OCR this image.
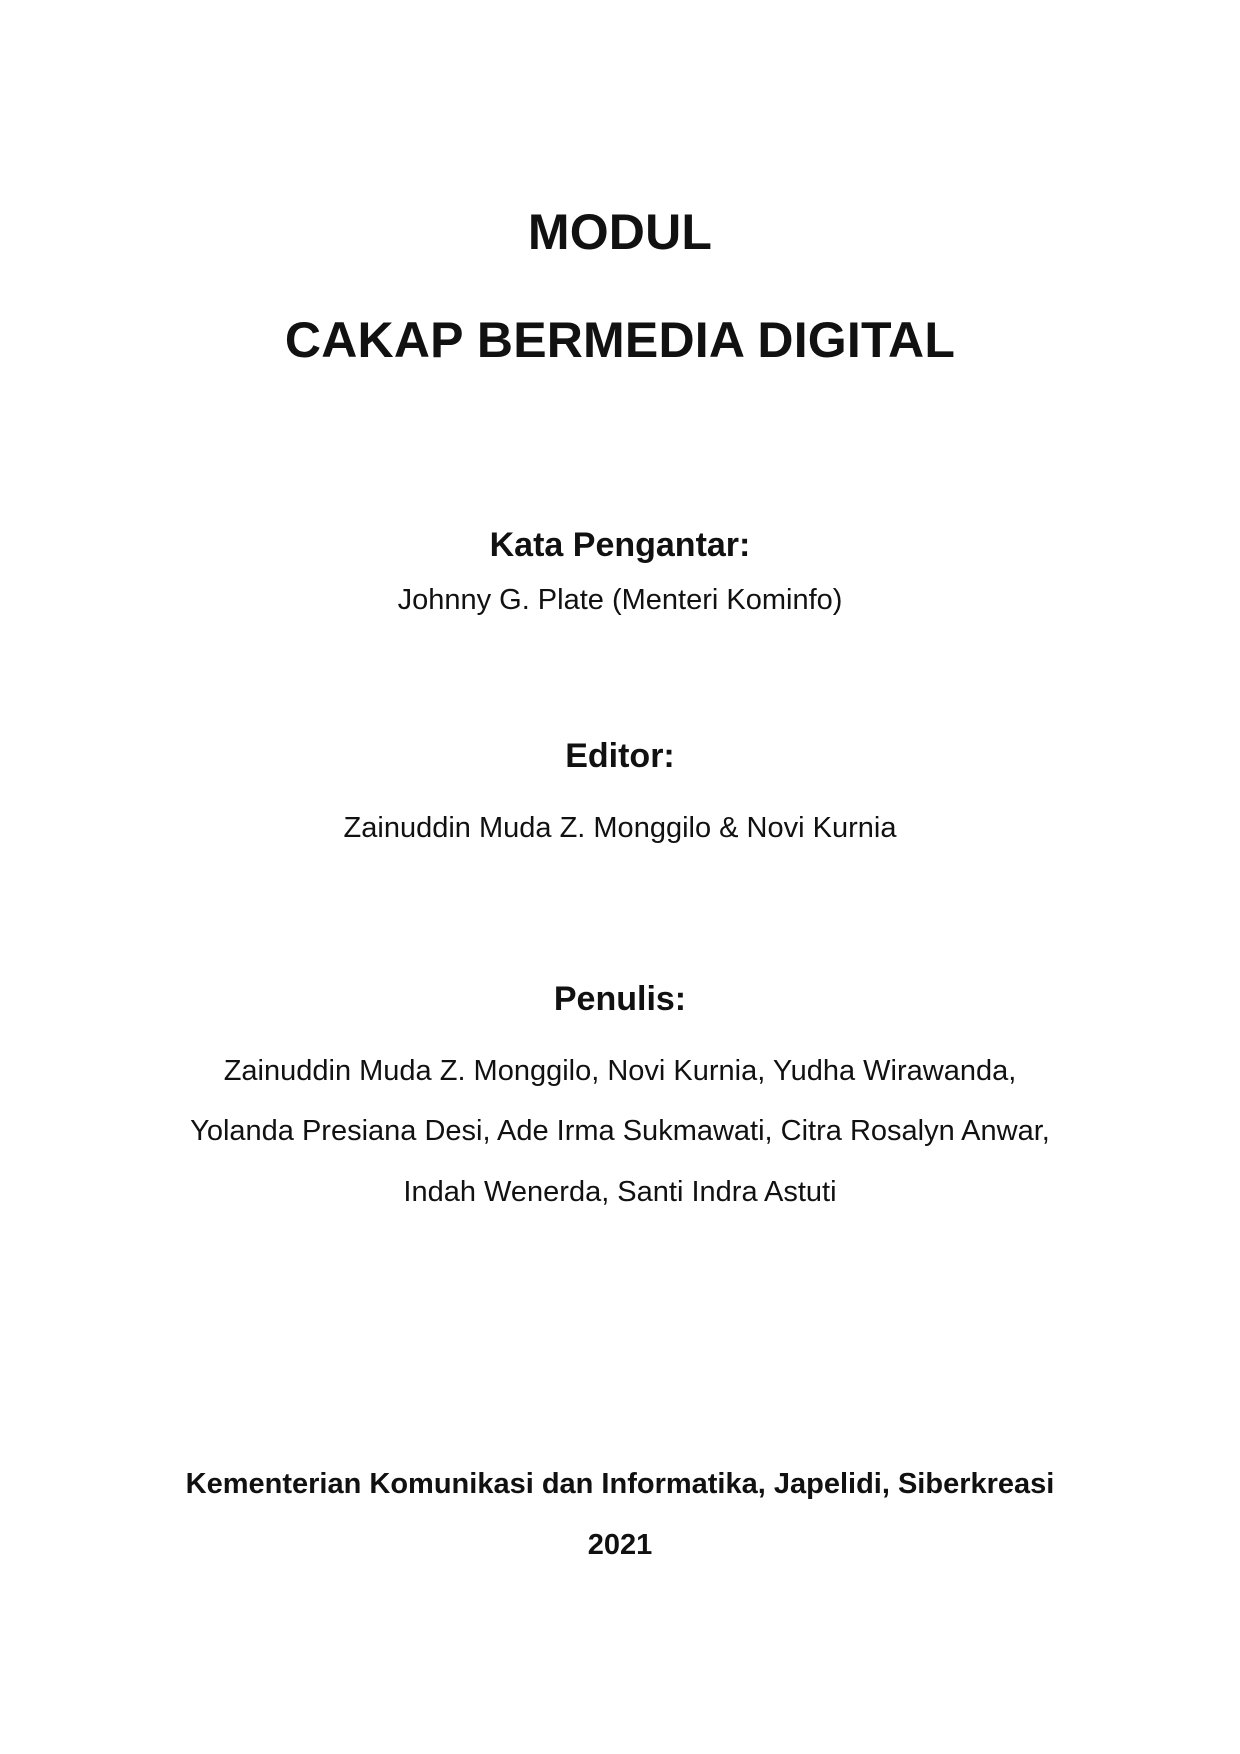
MODUL
CAKAP BERMEDIA DIGITAL
Kata Pengantar:
Johnny G. Plate (Menteri Kominfo)
Editor:
Zainuddin Muda Z. Monggilo & Novi Kurnia
Penulis:
Zainuddin Muda Z. Monggilo, Novi Kurnia, Yudha Wirawanda,
Yolanda Presiana Desi, Ade Irma Sukmawati, Citra Rosalyn Anwar,
Indah Wenerda, Santi Indra Astuti
Kementerian Komunikasi dan Informatika, Japelidi, Siberkreasi
2021
